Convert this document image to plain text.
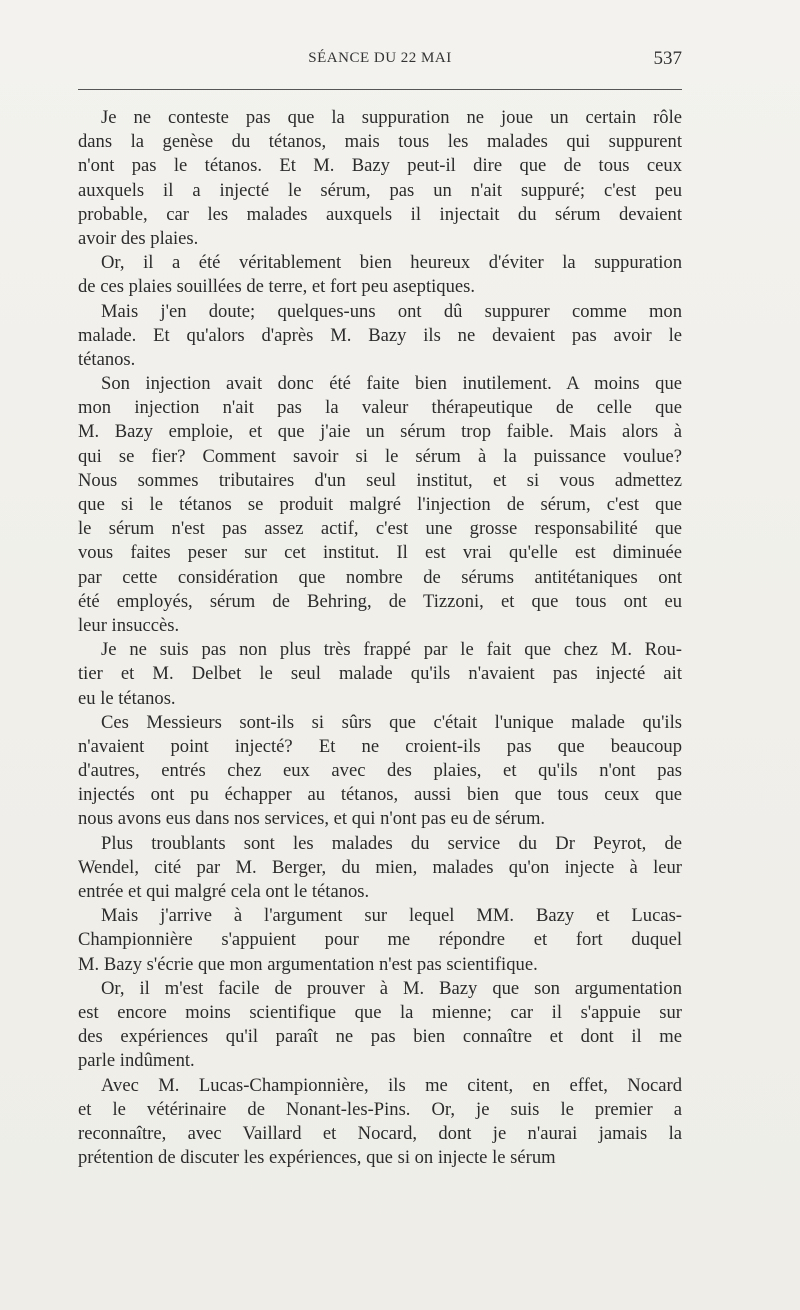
SÉANCE DU 22 MAI	537
Je ne conteste pas que la suppuration ne joue un certain rôle
dans la genèse du tétanos, mais tous les malades qui suppurent
n'ont pas le tétanos. Et M. Bazy peut-il dire que de tous ceux
auxquels il a injecté le sérum, pas un n'ait suppuré; c'est peu
probable, car les malades auxquels il injectait du sérum devaient
avoir des plaies.
Or, il a été véritablement bien heureux d'éviter la suppuration
de ces plaies souillées de terre, et fort peu aseptiques.
Mais j'en doute; quelques-uns ont dû suppurer comme mon
malade. Et qu'alors d'après M. Bazy ils ne devaient pas avoir le
tétanos.
Son injection avait donc été faite bien inutilement. A moins que
mon injection n'ait pas la valeur thérapeutique de celle que
M. Bazy emploie, et que j'aie un sérum trop faible. Mais alors à
qui se fier? Comment savoir si le sérum à la puissance voulue?
Nous sommes tributaires d'un seul institut, et si vous admettez
que si le tétanos se produit malgré l'injection de sérum, c'est que
le sérum n'est pas assez actif, c'est une grosse responsabilité que
vous faites peser sur cet institut. Il est vrai qu'elle est diminuée
par cette considération que nombre de sérums antitétaniques ont
été employés, sérum de Behring, de Tizzoni, et que tous ont eu
leur insuccès.
Je ne suis pas non plus très frappé par le fait que chez M. Rou-
tier et M. Delbet le seul malade qu'ils n'avaient pas injecté ait
eu le tétanos.
Ces Messieurs sont-ils si sûrs que c'était l'unique malade qu'ils
n'avaient point injecté? Et ne croient-ils pas que beaucoup
d'autres, entrés chez eux avec des plaies, et qu'ils n'ont pas
injectés ont pu échapper au tétanos, aussi bien que tous ceux que
nous avons eus dans nos services, et qui n'ont pas eu de sérum.
Plus troublants sont les malades du service du Dr Peyrot, de
Wendel, cité par M. Berger, du mien, malades qu'on injecte à leur
entrée et qui malgré cela ont le tétanos.
Mais j'arrive à l'argument sur lequel MM. Bazy et Lucas-
Championnière s'appuient pour me répondre et fort duquel
M. Bazy s'écrie que mon argumentation n'est pas scientifique.
Or, il m'est facile de prouver à M. Bazy que son argumentation
est encore moins scientifique que la mienne; car il s'appuie sur
des expériences qu'il paraît ne pas bien connaître et dont il me
parle indûment.
Avec M. Lucas-Championnière, ils me citent, en effet, Nocard
et le vétérinaire de Nonant-les-Pins. Or, je suis le premier a
reconnaître, avec Vaillard et Nocard, dont je n'aurai jamais la
prétention de discuter les expériences, que si on injecte le sérum
